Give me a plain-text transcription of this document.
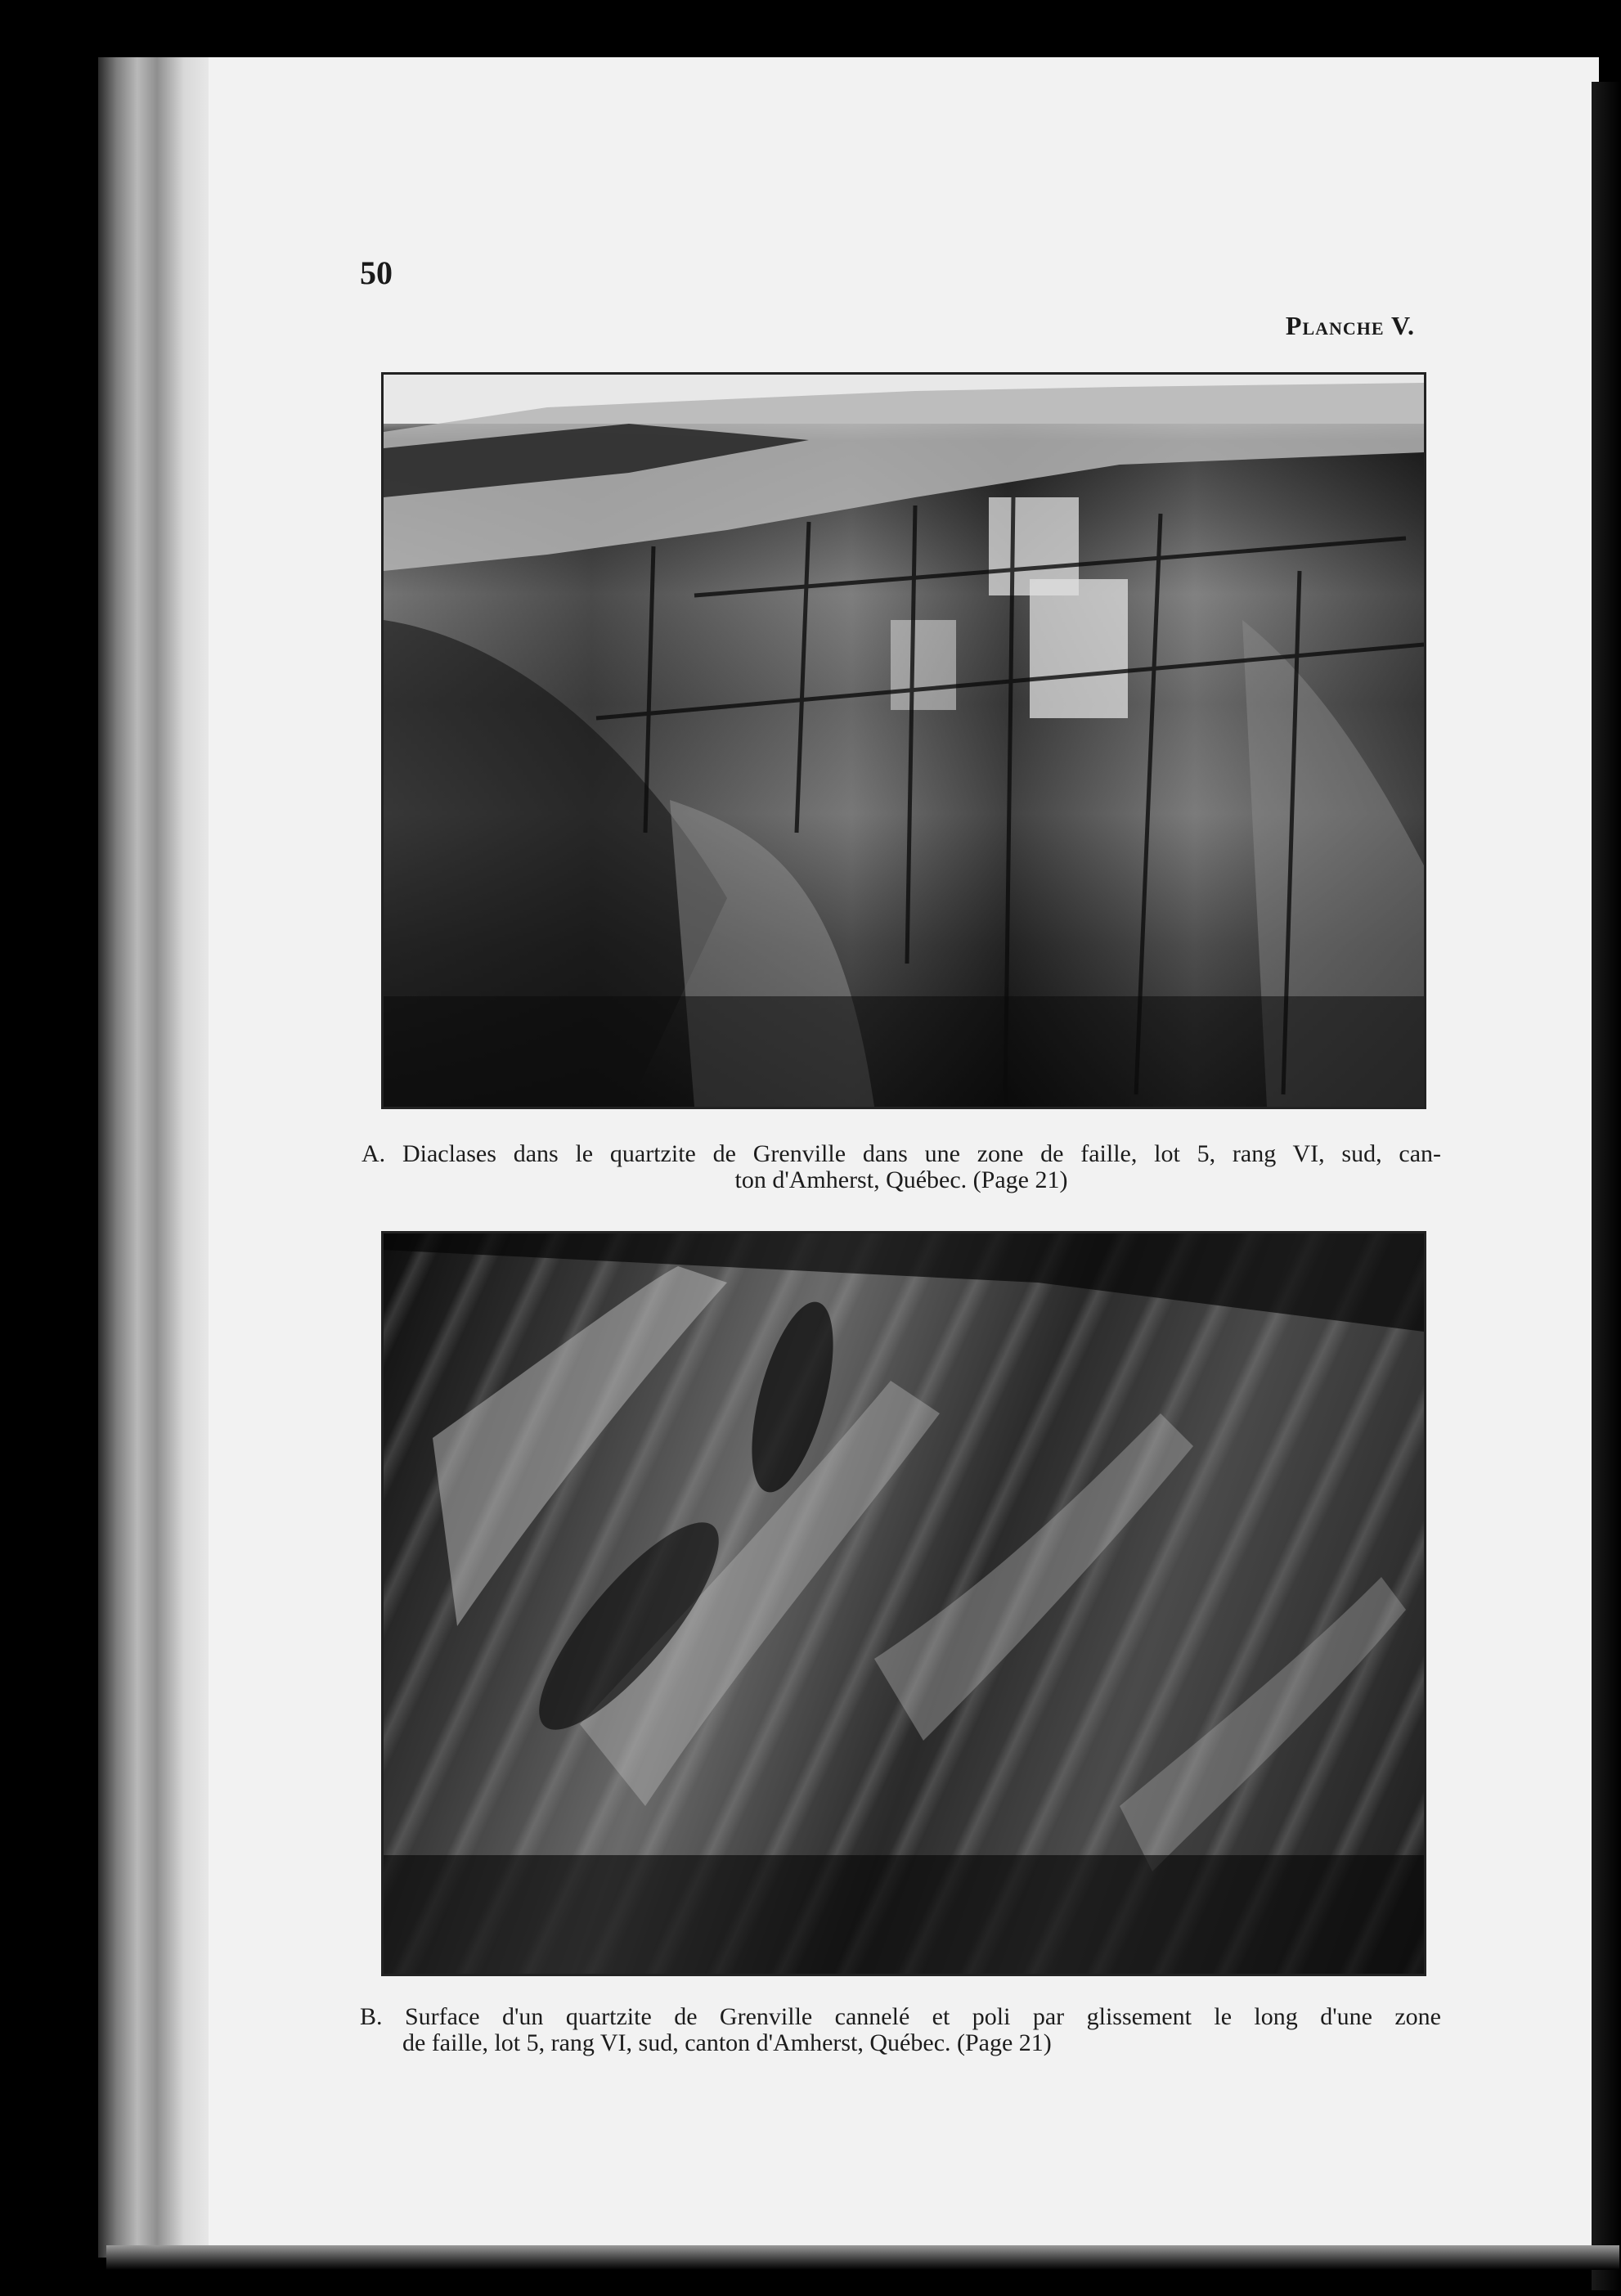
50
Planche V.
A. Diaclases dans le quartzite de Grenville dans une zone de faille, lot 5, rang VI, sud, can-
ton d'Amherst, Québec. (Page 21)
B. Surface d'un quartzite de Grenville cannelé et poli par glissement le long d'une zone
de faille, lot 5, rang VI, sud, canton d'Amherst, Québec. (Page 21)
